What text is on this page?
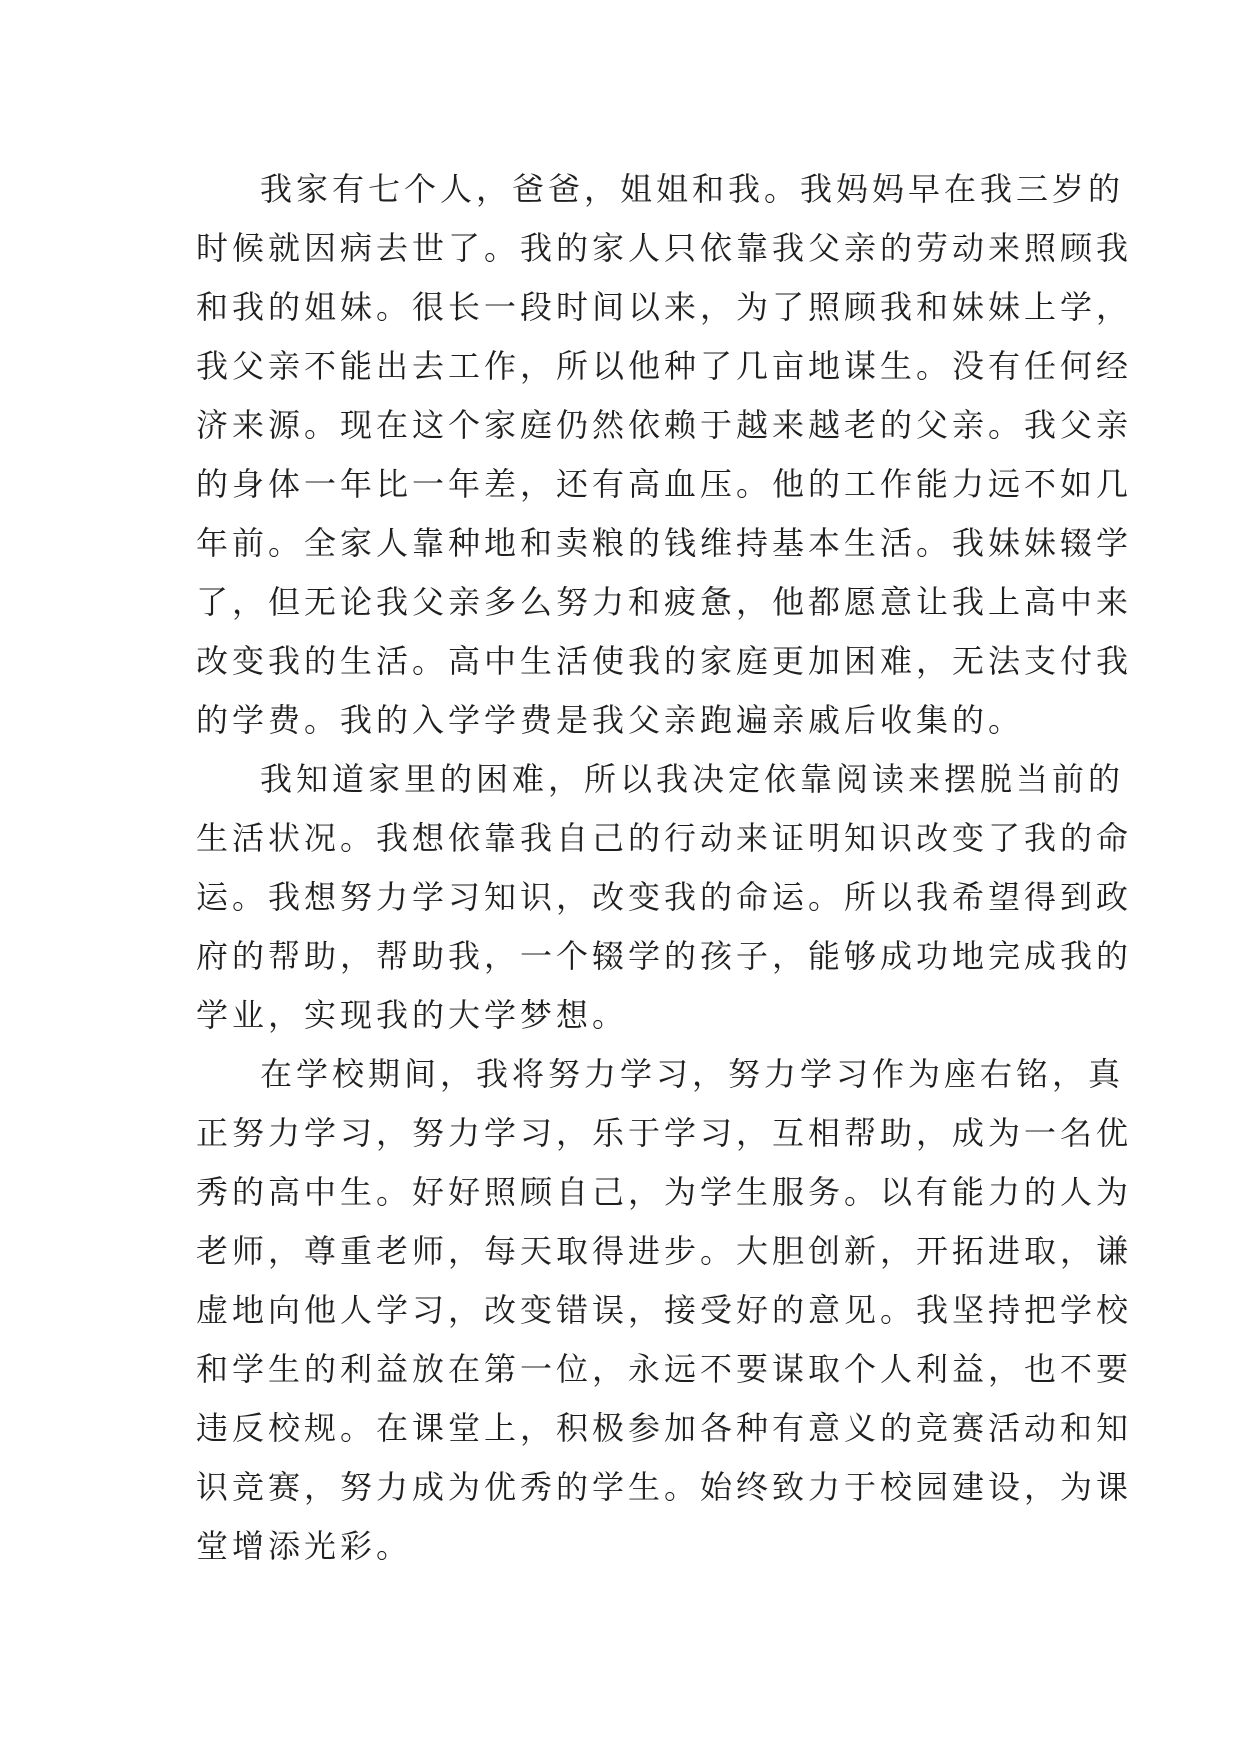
我家有七个人，爸爸，姐姐和我。我妈妈早在我三岁的
时候就因病去世了。我的家人只依靠我父亲的劳动来照顾我
和我的姐妹。很长一段时间以来，为了照顾我和妹妹上学，
我父亲不能出去工作，所以他种了几亩地谋生。没有任何经
济来源。现在这个家庭仍然依赖于越来越老的父亲。我父亲
的身体一年比一年差，还有高血压。他的工作能力远不如几
年前。全家人靠种地和卖粮的钱维持基本生活。我妹妹辍学
了，但无论我父亲多么努力和疲惫，他都愿意让我上高中来
改变我的生活。高中生活使我的家庭更加困难，无法支付我
的学费。我的入学学费是我父亲跑遍亲戚后收集的。

我知道家里的困难，所以我决定依靠阅读来摆脱当前的
生活状况。我想依靠我自己的行动来证明知识改变了我的命
运。我想努力学习知识，改变我的命运。所以我希望得到政
府的帮助，帮助我，一个辍学的孩子，能够成功地完成我的
学业，实现我的大学梦想。

在学校期间，我将努力学习，努力学习作为座右铭，真
正努力学习，努力学习，乐于学习，互相帮助，成为一名优
秀的高中生。好好照顾自己，为学生服务。以有能力的人为
老师，尊重老师，每天取得进步。大胆创新，开拓进取，谦
虚地向他人学习，改变错误，接受好的意见。我坚持把学校
和学生的利益放在第一位，永远不要谋取个人利益，也不要
违反校规。在课堂上，积极参加各种有意义的竞赛活动和知
识竞赛，努力成为优秀的学生。始终致力于校园建设，为课
堂增添光彩。
